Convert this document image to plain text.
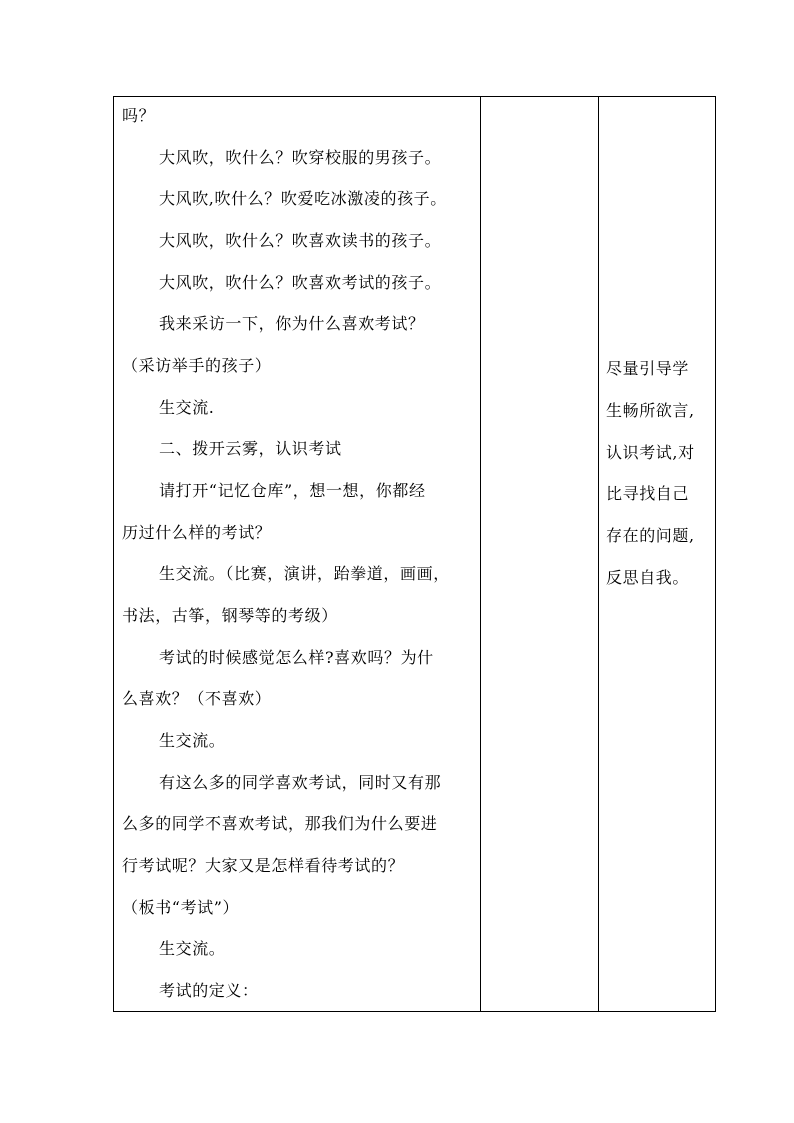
吗？
大风吹，吹什么？吹穿校服的男孩子。
大风吹,吹什么？吹爱吃冰激凌的孩子。
大风吹，吹什么？吹喜欢读书的孩子。
大风吹，吹什么？吹喜欢考试的孩子。
我来采访一下，你为什么喜欢考试？
（采访举手的孩子）
生交流.
二、拨开云雾，认识考试
请打开“记忆仓库”，想一想，你都经
历过什么样的考试？
生交流。（比赛，演讲，跆拳道，画画，
书法，古筝，钢琴等的考级）
考试的时候感觉怎么样?喜欢吗？为什
么喜欢？（不喜欢）
生交流。
有这么多的同学喜欢考试，同时又有那
么多的同学不喜欢考试，那我们为什么要进
行考试呢？大家又是怎样看待考试的？
（板书“考试”）
生交流。
考试的定义：
尽量引导学
生畅所欲言,
认识考试,对
比寻找自己
存在的问题,
反思自我。
